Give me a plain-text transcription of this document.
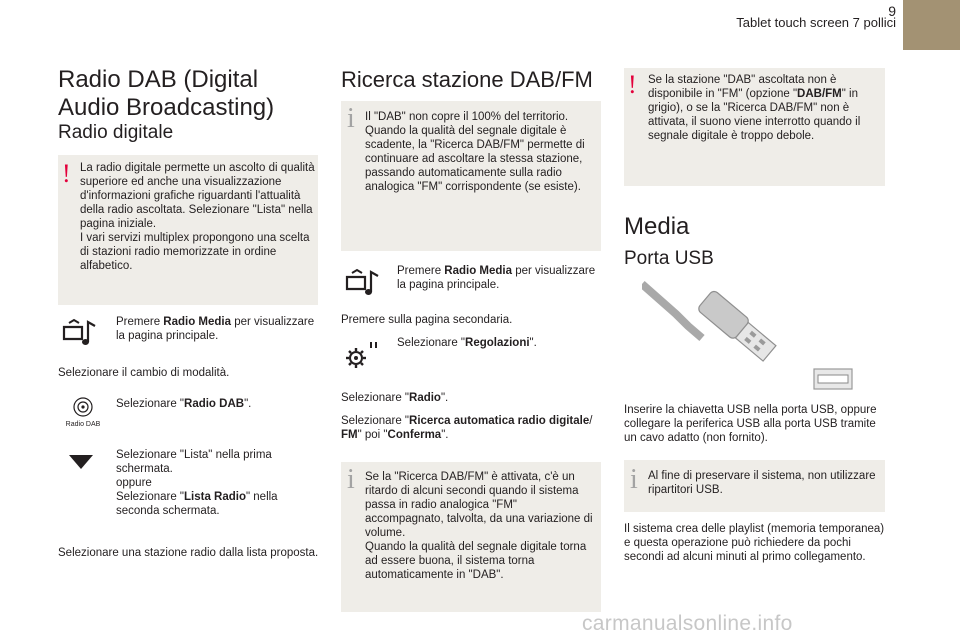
9
Tablet touch screen 7 pollici
Radio DAB (Digital Audio Broadcasting)
Radio digitale
! La radio digitale permette un ascolto di qualità superiore ed anche una visualizzazione d'informazioni grafiche riguardanti l'attualità della radio ascoltata. Selezionare "Lista" nella pagina iniziale.
I vari servizi multiplex propongono una scelta di stazioni radio memorizzate in ordine alfabetico.
Premere Radio Media per visualizzare la pagina principale.
Selezionare il cambio di modalità.
Radio DAB
Selezionare "Radio DAB".
Selezionare "Lista" nella prima schermata.
oppure
Selezionare "Lista Radio" nella seconda schermata.
Selezionare una stazione radio dalla lista proposta.
Ricerca stazione DAB/FM
i Il "DAB" non copre il 100% del territorio.
Quando la qualità del segnale digitale è scadente, la "Ricerca DAB/FM" permette di continuare ad ascoltare la stessa stazione, passando automaticamente sulla radio analogica "FM" corrispondente (se esiste).
Premere Radio Media per visualizzare la pagina principale.
Premere sulla pagina secondaria.
Selezionare "Regolazioni".
Selezionare "Radio".
Selezionare "Ricerca automatica radio digitale/
FM" poi "Conferma".
i Se la "Ricerca DAB/FM" è attivata, c'è un ritardo di alcuni secondi quando il sistema passa in radio analogica "FM" accompagnato, talvolta, da una variazione di volume.
Quando la qualità del segnale digitale torna ad essere buona, il sistema torna automaticamente in "DAB".
! Se la stazione "DAB" ascoltata non è disponibile in "FM" (opzione "DAB/FM" in grigio), o se la "Ricerca DAB/FM" non è attivata, il suono viene interrotto quando il segnale digitale è troppo debole.
Media
Porta USB
Inserire la chiavetta USB nella porta USB, oppure collegare la periferica USB alla porta USB tramite un cavo adatto (non fornito).
i Al fine di preservare il sistema, non utilizzare ripartitori USB.
Il sistema crea delle playlist (memoria temporanea) e questa operazione può richiedere da pochi secondi ad alcuni minuti al primo collegamento.
carmanualsonline.info
